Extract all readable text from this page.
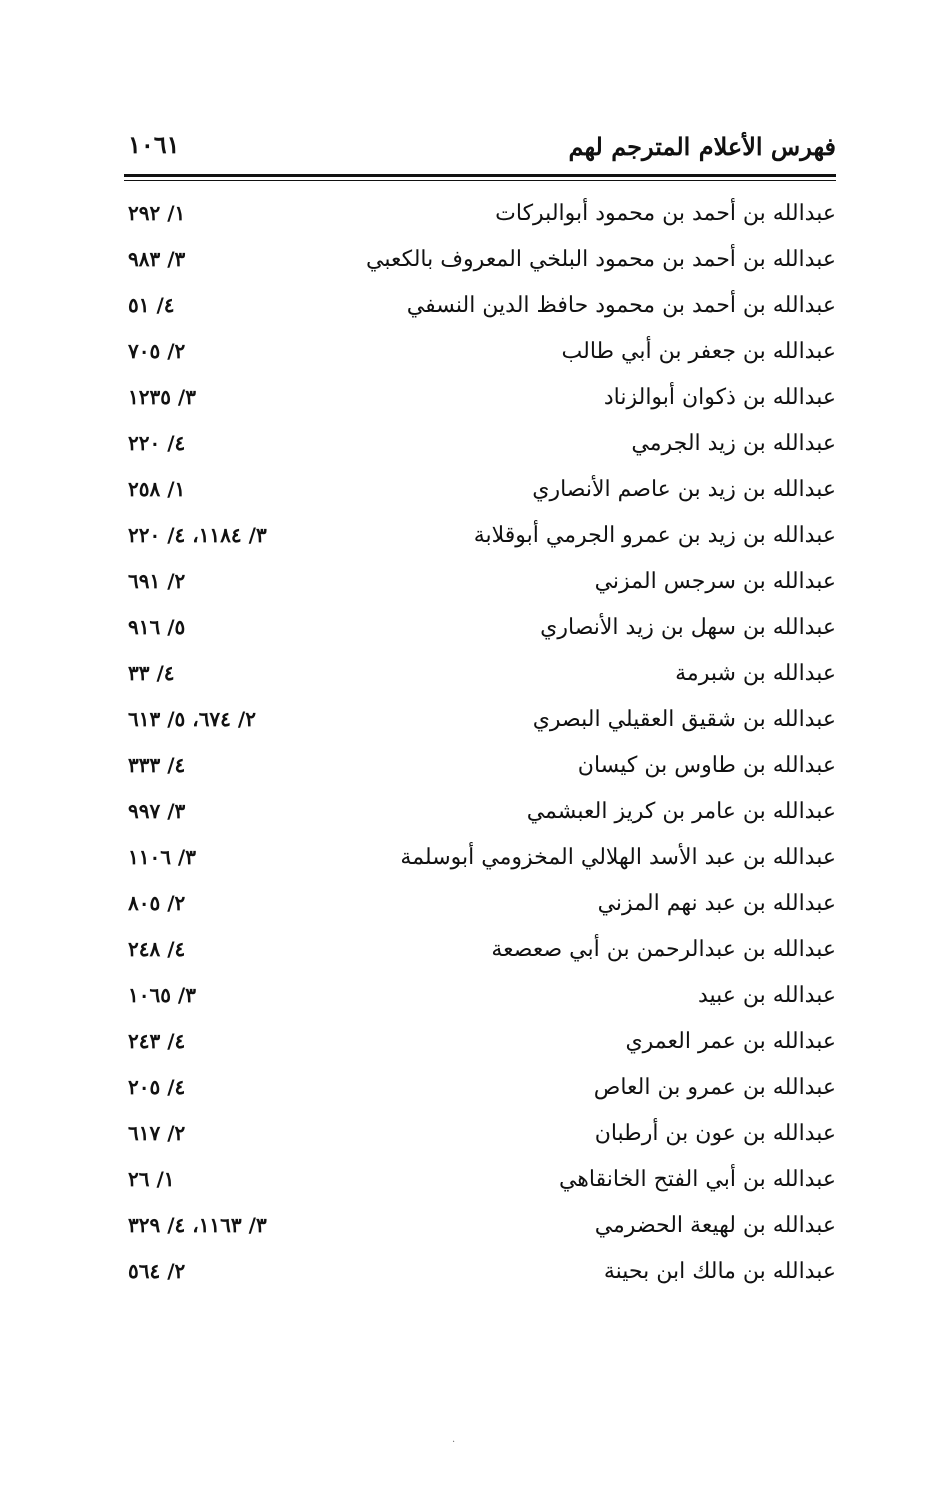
فهرس الأعلام المترجم لهم
١٠٦١
عبدالله بن أحمد بن محمود أبوالبركات
١/ ٢٩٢
عبدالله بن أحمد بن محمود البلخي المعروف بالكعبي
٣/ ٩٨٣
عبدالله بن أحمد بن محمود حافظ الدين النسفي
٤/ ٥١
عبدالله بن جعفر بن أبي طالب
٢/ ٧٠٥
عبدالله بن ذكوان أبوالزناد
٣/ ١٢٣٥
عبدالله بن زيد الجرمي
٤/ ٢٢٠
عبدالله بن زيد بن عاصم الأنصاري
١/ ٢٥٨
عبدالله بن زيد بن عمرو الجرمي أبوقلابة
٣/ ١١٨٤، ٤/ ٢٢٠
عبدالله بن سرجس المزني
٢/ ٦٩١
عبدالله بن سهل بن زيد الأنصاري
٥/ ٩١٦
عبدالله بن شبرمة
٤/ ٣٣
عبدالله بن شقيق العقيلي البصري
٢/ ٦٧٤، ٥/ ٦١٣
عبدالله بن طاوس بن كيسان
٤/ ٣٣٣
عبدالله بن عامر بن كريز العبشمي
٣/ ٩٩٧
عبدالله بن عبد الأسد الهلالي المخزومي أبوسلمة
٣/ ١١٠٦
عبدالله بن عبد نهم المزني
٢/ ٨٠٥
عبدالله بن عبدالرحمن بن أبي صعصعة
٤/ ٢٤٨
عبدالله بن عبيد
٣/ ١٠٦٥
عبدالله بن عمر العمري
٤/ ٢٤٣
عبدالله بن عمرو بن العاص
٤/ ٢٠٥
عبدالله بن عون بن أرطبان
٢/ ٦١٧
عبدالله بن أبي الفتح الخانقاهي
١/ ٢٦
عبدالله بن لهيعة الحضرمي
٣/ ١١٦٣، ٤/ ٣٢٩
عبدالله بن مالك ابن بحينة
٢/ ٥٦٤
·
